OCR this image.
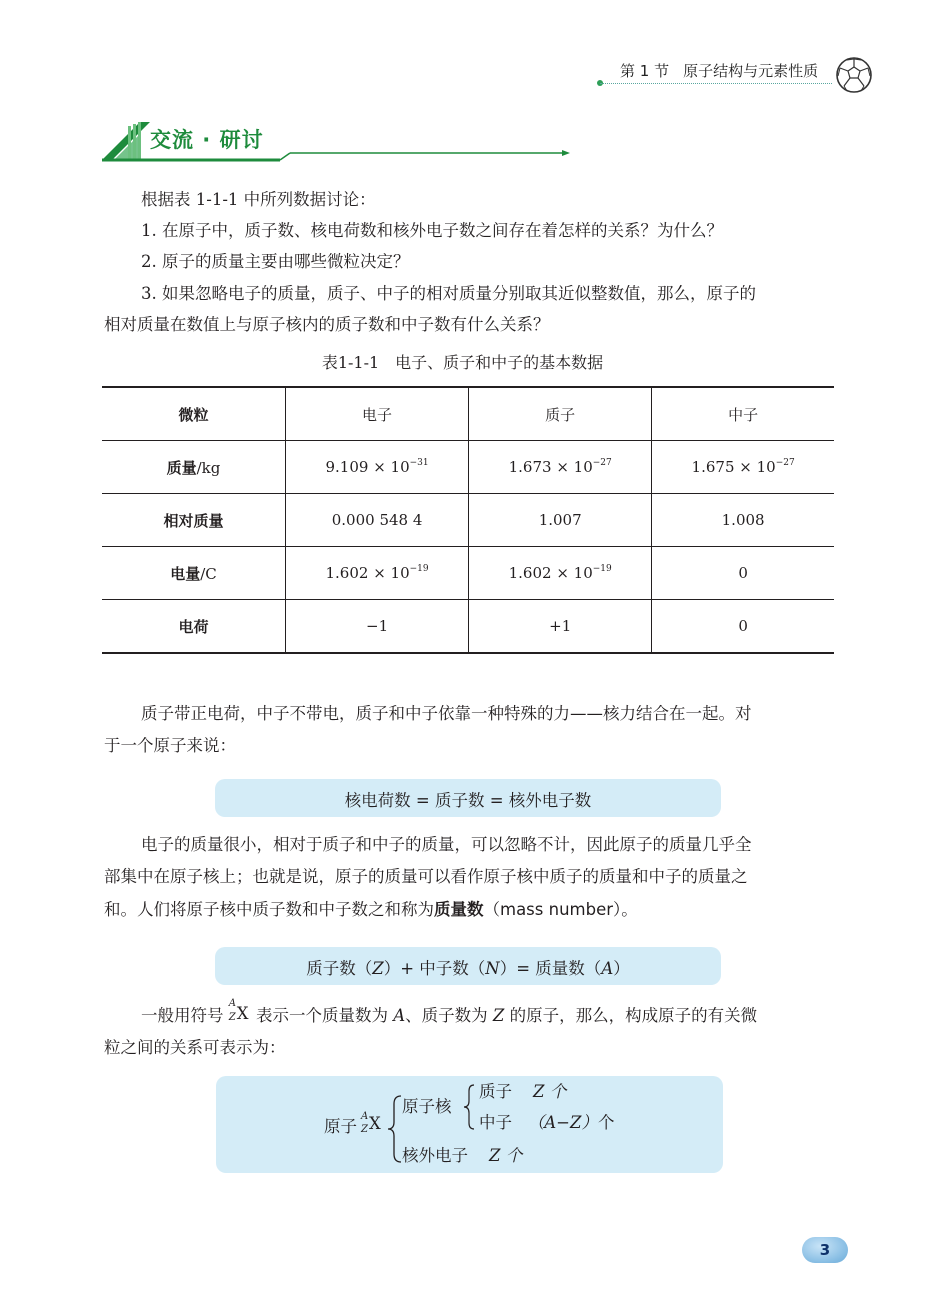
第 1 节 原子结构与元素性质
交流 · 研讨
根据表 1-1-1 中所列数据讨论：
1. 在原子中，质子数、核电荷数和核外电子数之间存在着怎样的关系？为什么？
2. 原子的质量主要由哪些微粒决定？
3. 如果忽略电子的质量，质子、中子的相对质量分别取其近似整数值，那么，原子的
相对质量在数值上与原子核内的质子数和中子数有什么关系？
表1-1-1　电子、质子和中子的基本数据
微粒	电子	质子	中子
质量/kg	$9.109 \times 10^{-31}$	$1.673 \times 10^{-27}$	$1.675 \times 10^{-27}$
相对质量	0.000 548 4	1.007	1.008
电量/C	$1.602 \times 10^{-19}$	$1.602 \times 10^{-19}$	0
电荷	−1	+1	0
质子带正电荷，中子不带电，质子和中子依靠一种特殊的力——核力结合在一起。对
于一个原子来说：
核电荷数 = 质子数 = 核外电子数
电子的质量很小，相对于质子和中子的质量，可以忽略不计，因此原子的质量几乎全
部集中在原子核上；也就是说，原子的质量可以看作原子核中质子的质量和中子的质量之
和。人们将原子核中质子数和中子数之和称为质量数（mass number）。
质子数（Z）+ 中子数（N）= 质量数（A）
一般用符号
A
Z X 表示一个质量数为 A、质子数为 Z 的原子，那么，构成原子的有关微
粒之间的关系可表示为：
原子
A
Z X
原子核
质子 Z 个
中子 （A−Z）个
核外电子 Z 个
3
